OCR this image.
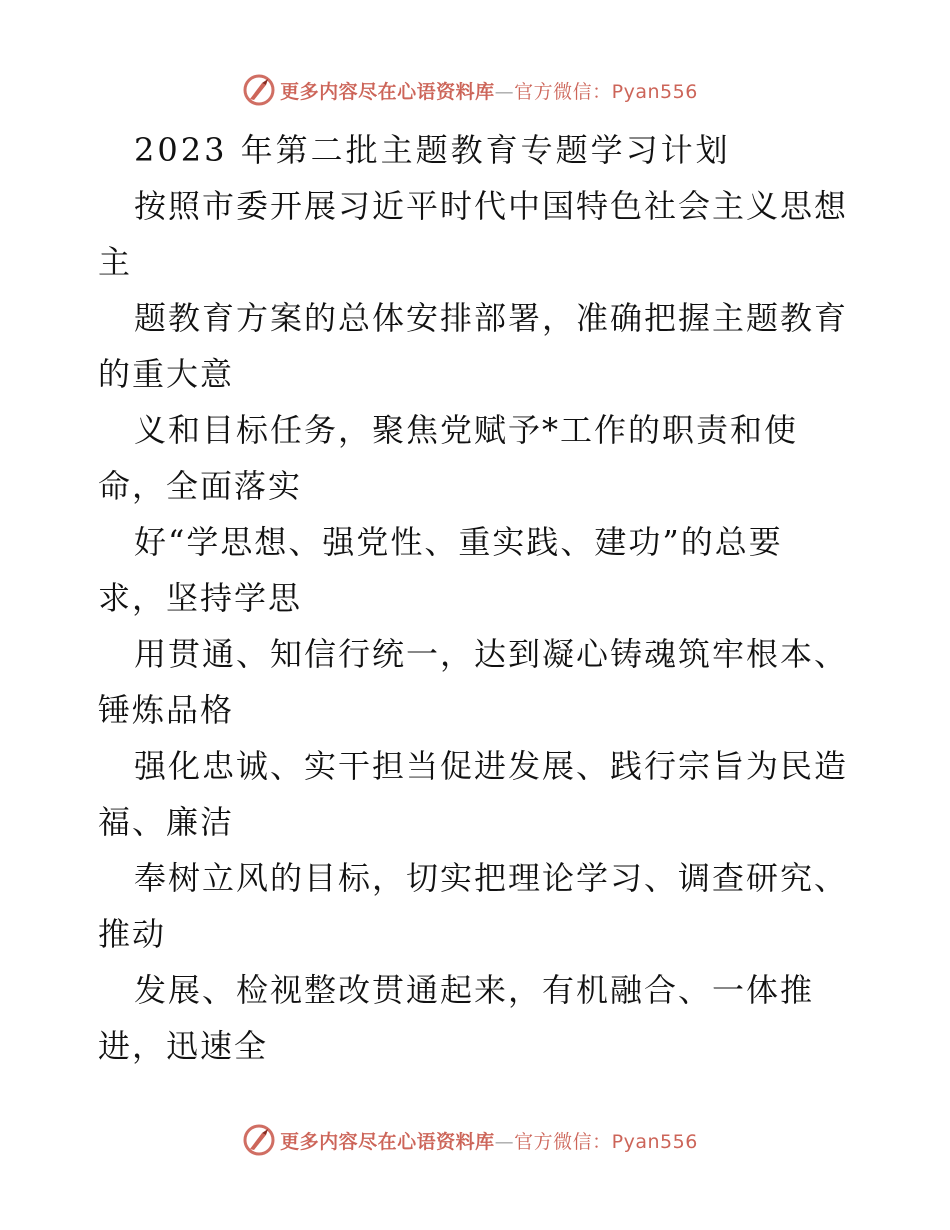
更多内容尽在心语资料库—官方微信：Pyan556
2023 年第二批主题教育专题学习计划
按照市委开展习近平时代中国特色社会主义思想
主
题教育方案的总体安排部署，准确把握主题教育
的重大意
义和目标任务，聚焦党赋予*工作的职责和使
命，全面落实
好“学思想、强党性、重实践、建功”的总要
求，坚持学思
用贯通、知信行统一，达到凝心铸魂筑牢根本、
锤炼品格
强化忠诚、实干担当促进发展、践行宗旨为民造
福、廉洁
奉树立风的目标，切实把理论学习、调查研究、
推动
发展、检视整改贯通起来，有机融合、一体推
进，迅速全
更多内容尽在心语资料库—官方微信：Pyan556
